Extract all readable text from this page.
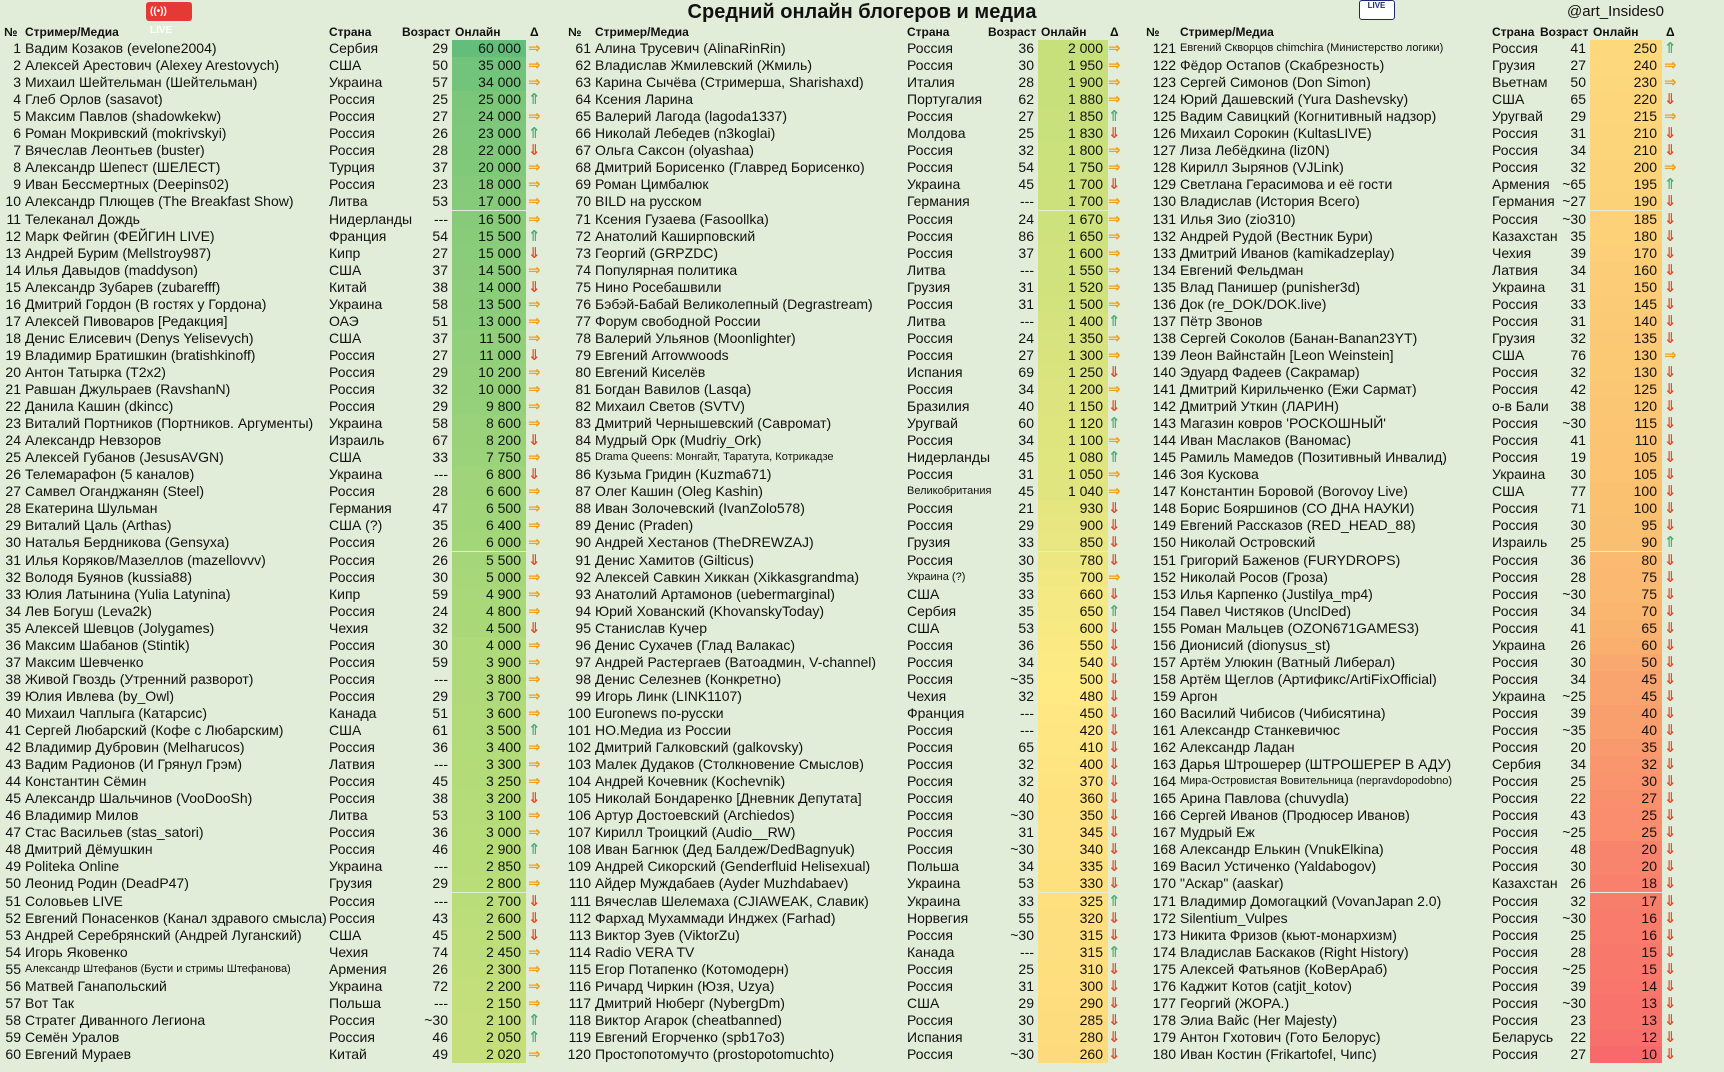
Средний онлайн блогеров и медиа
((•)) LIVE
LIVE	@art_Insides0
№ Стример/Медиа	Страна	Возраст Онлайн Δ № Стример/Медиа	Страна	Возраст Онлайн Δ № Стример/Медиа	Страна Возраст Онлайн Δ
1 Вадим Козаков (evelone2004)	Сербия	29	60 000 ⇒
2 Алексей Арестович (Alexey Arestovych)	США	50	35 000 ⇒
3 Михаил Шейтельман (Шейтельман)	Украина	57	34 000 ⇒
4 Глеб Орлов (sasavot)	Россия	25	25 000 ⇑
5 Максим Павлов (shadowkekw)	Россия	27	24 000 ⇒
6 Роман Мокривский (mokrivskyi)	Россия	26	23 000 ⇑
7 Вячеслав Леонтьев (buster)	Россия	28	22 000 ⇓
8 Александр Шепест (ШЕЛЕСТ)	Турция	37	20 000 ⇒
9 Иван Бессмертных (Deepins02)	Россия	23	18 000 ⇒
10 Александр Плющев (The Breakfast Show)	Литва	53	17 000 ⇒
11 Телеканал Дождь	Нидерланды	---	16 500 ⇒
12 Марк Фейгин (ФЕЙГИН LIVE)	Франция	54	15 500 ⇑
13 Андрей Бурим (Mellstroy987)	Кипр	27	15 000 ⇓
14 Илья Давыдов (maddyson)	США	37	14 500 ⇒
15 Александр Зубарев (zubarefff)	Китай	38	14 000 ⇓
16 Дмитрий Гордон (В гостях у Гордона)	Украина	58	13 500 ⇒
17 Алексей Пивоваров [Редакция]	ОАЭ	51	13 000 ⇒
18 Денис Елисевич (Denys Yelisevych)	США	37	11 500 ⇒
19 Владимир Братишкин (bratishkinoff)	Россия	27	11 000 ⇓
20 Антон Татырка (T2x2)	Россия	29	10 200 ⇒
21 Равшан Джульраев (RavshanN)	Россия	32	10 000 ⇒
22 Данила Кашин (dkincc)	Россия	29	9 800 ⇒
23 Виталий Портников (Портников. Аргументы)	Украина	58	8 600 ⇒
24 Александр Невзоров	Израиль	67	8 200 ⇓
25 Алексей Губанов (JesusAVGN)	США	33	7 750 ⇒
26 Телемарафон (5 каналов)	Украина	---	6 800 ⇓
27 Самвел Оганджанян (Steel)	Россия	28	6 600 ⇒
28 Екатерина Шульман	Германия	47	6 500 ⇒
29 Виталий Цаль (Arthas)	США (?)	35	6 400 ⇒
30 Наталья Бердникова (Gensyxa)	Россия	26	6 000 ⇒
31 Илья Коряков/Мазеллов (mazellovvv)	Россия	26	5 500 ⇓
32 Володя Буянов (kussia88)	Россия	30	5 000 ⇒
33 Юлия Латынина (Yulia Latynina)	Кипр	59	4 900 ⇒
34 Лев Богуш (Leva2k)	Россия	24	4 800 ⇒
35 Алексей Шевцов (Jolygames)	Чехия	32	4 500 ⇓
36 Максим Шабанов (Stintik)	Россия	30	4 000 ⇒
37 Максим Шевченко	Россия	59	3 900 ⇒
38 Живой Гвоздь (Утренний разворот)	Россия	---	3 800 ⇒
39 Юлия Ивлева (by_Owl)	Россия	29	3 700 ⇒
40 Михаил Чаплыга (Катарсис)	Канада	51	3 600 ⇒
41 Сергей Любарский (Кофе с Любарским)	США	61	3 500 ⇑
42 Владимир Дубровин (Melharucos)	Россия	36	3 400 ⇒
43 Вадим Радионов (И Грянул Грэм)	Латвия	---	3 300 ⇒
44 Константин Сёмин	Россия	45	3 250 ⇒
45 Александр Шальчинов (VooDooSh)	Россия	38	3 200 ⇓
46 Владимир Милов	Литва	53	3 100 ⇒
47 Стас Васильев (stas_satori)	Россия	36	3 000 ⇒
48 Дмитрий Дёмушкин	Россия	46	2 900 ⇑
49 Politeka Online	Украина	---	2 850 ⇒
50 Леонид Родин (DeadP47)	Грузия	29	2 800 ⇒
51 Соловьев LIVE	Россия	---	2 700 ⇓
52 Евгений Понасенков (Канал здравого смысла) Россия	43	2 600 ⇓
53 Андрей Серебрянский (Андрей Луганский)	США	45	2 500 ⇓
54 Игорь Яковенко	Чехия	74	2 450 ⇒
55 Александр Штефанов (Бусти и стримы Штефанова)	Армения	26	2 300 ⇒
56 Матвей Ганапольский	Украина	72	2 200 ⇒
57 Вот Так	Польша	---	2 150 ⇒
58 Стратег Диванного Легиона	Россия	~30	2 100 ⇑
59 Семён Уралов	Россия	46	2 050 ⇑
60 Евгений Мураев	Китай	49	2 020 ⇒
61 Алина Трусевич (AlinaRinRin)	Россия	36	2 000 ⇒
62 Владислав Жмилевский (Жмиль)	Россия	30	1 950 ⇒
63 Карина Сычёва (Стримерша, Sharishaxd)	Италия	28	1 900 ⇒
64 Ксения Ларина	Португалия	62	1 880 ⇒
65 Валерий Лагода (lagoda1337)	Россия	27	1 850 ⇑
66 Николай Лебедев (n3koglai)	Молдова	25	1 830 ⇓
67 Ольга Саксон (olyashaa)	Россия	32	1 800 ⇒
68 Дмитрий Борисенко (Главред Борисенко)	Россия	54	1 750 ⇒
69 Роман Цимбалюк	Украина	45	1 700 ⇓
70 BILD на русском	Германия	---	1 700 ⇒
71 Ксения Гузаева (Fasoollka)	Россия	24	1 670 ⇒
72 Анатолий Каширповский	Россия	86	1 650 ⇒
73 Георгий (GRPZDC)	Россия	37	1 600 ⇒
74 Популярная политика	Литва	---	1 550 ⇒
75 Нино Росебашвили	Грузия	31	1 520 ⇒
76 Бэбэй-Бабай Великолепный (Degrastream)	Россия	31	1 500 ⇒
77 Форум свободной России	Литва	---	1 400 ⇑
78 Валерий Ульянов (Moonlighter)	Россия	24	1 350 ⇒
79 Евгений Arrowwoods	Россия	27	1 300 ⇒
80 Евгений Киселёв	Испания	69	1 250 ⇓
81 Богдан Вавилов (Lasqa)	Россия	34	1 200 ⇒
82 Михаил Светов (SVTV)	Бразилия	40	1 150 ⇓
83 Дмитрий Чернышевский (Савромат)	Уругвай	60	1 120 ⇑
84 Мудрый Орк (Mudriy_Ork)	Россия	34	1 100 ⇒
85 Drama Queens: Монгайт, Таратута, Котрикадзе	Нидерланды	45	1 080 ⇑
86 Кузьма Гридин (Kuzma671)	Россия	31	1 050 ⇒
87 Олег Кашин (Oleg Kashin)	Великобритания	45	1 040 ⇒
88 Иван Золочевский (IvanZolo578)	Россия	21	930 ⇓
89 Денис (Praden)	Россия	29	900 ⇓
90 Андрей Хестанов (TheDREWZAJ)	Грузия	33	850 ⇓
91 Денис Хамитов (Gilticus)	Россия	30	780 ⇓
92 Алексей Савкин Хиккан (Xikkasgrandma)	Украина (?)	35	700 ⇒
93 Анатолий Артамонов (uebermarginal)	США	33	660 ⇓
94 Юрий Хованский (KhovanskyToday)	Сербия	35	650 ⇑
95 Станислав Кучер	США	53	600 ⇓
96 Денис Сухачев (Глад Валакас)	Россия	36	550 ⇓
97 Андрей Растергаев (Ватоадмин, V-channel)	Россия	34	540 ⇓
98 Денис Селезнев (Конкретно)	Россия	~35	500 ⇓
99 Игорь Линк (LINK1107)	Чехия	32	480 ⇓
100 Euronews по-русски	Франция	---	450 ⇓
101 НО.Медиа из России	Россия	---	420 ⇓
102 Дмитрий Галковский (galkovsky)	Россия	65	410 ⇓
103 Малек Дудаков (Столкновение Смыслов)	Россия	32	400 ⇓
104 Андрей Кочевник (Kochevnik)	Россия	32	370 ⇓
105 Николай Бондаренко [Дневник Депутата]	Россия	40	360 ⇓
106 Артур Достоевский (Archiedos)	Россия	~30	350 ⇓
107 Кирилл Троицкий (Audio__RW)	Россия	31	345 ⇓
108 Иван Багнюк (Дед Балдеж/DedBagnyuk)	Россия	~30	340 ⇓
109 Андрей Сикорский (Genderfluid Helisexual)	Польша	34	335 ⇓
110 Айдер Муждабаев (Ayder Muzhdabaev)	Украина	53	330 ⇓
111 Вячеслав Шелемаха (CJIAWEAK, Славик)	Украина	33	325 ⇑
112 Фархад Мухаммади Инджех (Farhad)	Норвегия	55	320 ⇓
113 Виктор Зуев (ViktorZu)	Россия	~30	315 ⇓
114 Radio VERA TV	Канада	---	315 ⇑
115 Егор Потапенко (Котомодерн)	Россия	25	310 ⇓
116 Ричард Чиркин (Юзя, Uzya)	Россия	31	300 ⇓
117 Дмитрий Нюберг (NybergDm)	США	29	290 ⇓
118 Виктор Агарок (cheatbanned)	Россия	30	285 ⇓
119 Евгений Егорченко (spb17o3)	Испания	31	280 ⇓
120 Простопотомучто (prostopotomuchto)	Россия	~30	260 ⇓
121 Евгений Скворцов chimchira (Министерство логики)	Россия	41	250 ⇑
122 Фёдор Остапов (Скабрезность)	Грузия	27	240 ⇒
123 Сергей Симонов (Don Simon)	Вьетнам	50	230 ⇒
124 Юрий Дашевский (Yura Dashevsky)	США	65	220 ⇓
125 Вадим Савицкий (Когнитивный надзор)	Уругвай	29	215 ⇒
126 Михаил Сорокин (KultasLIVE)	Россия	31	210 ⇓
127 Лиза Лебёдкина (liz0N)	Россия	34	210 ⇓
128 Кирилл Зырянов (VJLink)	Россия	32	200 ⇒
129 Светлана Герасимова и её гости	Армения ~65	195 ⇑
130 Владислав (История Всего)	Германия ~27	190 ⇓
131 Илья Зио (zio310)	Россия	~30	185 ⇓
132 Андрей Рудой (Вестник Бури)	Казахстан 35	180 ⇓
133 Дмитрий Иванов (kamikadzeplay)	Чехия	39	170 ⇓
134 Евгений Фельдман	Латвия	34	160 ⇓
135 Влад Панишер (punisher3d)	Украина	31	150 ⇓
136 Док (re_DOK/DOK.live)	Россия	33	145 ⇓
137 Пётр Звонов	Россия	31	140 ⇓
138 Сергей Соколов (Банан-Banan23YT)	Грузия	32	135 ⇓
139 Леон Вайнстайн [Leon Weinstein]	США	76	130 ⇒
140 Эдуард Фадеев (Сакрамар)	Россия	32	130 ⇓
141 Дмитрий Кирильченко (Ежи Сармат)	Россия	42	125 ⇓
142 Дмитрий Уткин (ЛАРИН)	о-в Бали	38	120 ⇓
143 Магазин ковров 'РОСКОШНЫЙ'	Россия	~30	115 ⇓
144 Иван Маслаков (Ваномас)	Россия	41	110 ⇓
145 Рамиль Мамедов (Позитивный Инвалид)	Россия	19	105 ⇓
146 Зоя Кускова	Украина	30	105 ⇓
147 Константин Боровой (Borovoy Live)	США	77	100 ⇓
148 Борис Бояршинов (СО ДНА НАУКИ)	Россия	71	100 ⇓
149 Евгений Рассказов (RED_HEAD_88)	Россия	30	95 ⇓
150 Николай Островский	Израиль	25	90 ⇑
151 Григорий Баженов (FURYDROPS)	Россия	36	80 ⇓
152 Николай Росов (Гроза)	Россия	28	75 ⇓
153 Илья Карпенко (Justilya_mp4)	Россия	~30	75 ⇓
154 Павел Чистяков (UnclDed)	Россия	34	70 ⇓
155 Роман Мальцев (OZON671GAMES3)	Россия	41	65 ⇓
156 Дионисий (dionysus_st)	Украина	26	60 ⇓
157 Артём Улюкин (Ватный Либерал)	Россия	30	50 ⇓
158 Артём Щеглов (Артификс/ArtiFixOfficial)	Россия	34	45 ⇓
159 Аргон	Украина	~25	45 ⇓
160 Василий Чибисов (Чибисятина)	Россия	39	40 ⇓
161 Александр Станкевичюс	Россия	~35	40 ⇓
162 Александр Ладан	Россия	20	35 ⇓
163 Дарья Штрошерер (ШТРОШЕРЕР В АДУ)	Сербия	34	32 ⇓
164 Мира-Островистая Вовительница (nepravdopodobno)	Россия	25	30 ⇓
165 Арина Павлова (chuvydla)	Россия	22	27 ⇓
166 Сергей Иванов (Продюсер Иванов)	Россия	43	25 ⇓
167 Мудрый Еж	Россия	~25	25 ⇓
168 Александр Елькин (VnukElkina)	Россия	48	20 ⇓
169 Васил Устиченко (Yaldabogov)	Россия	30	20 ⇓
170 "Аскар" (aaskar)	Казахстан 26	18 ⇓
171 Владимир Домогацкий (VovanJapan 2.0)	Россия	32	17 ⇓
172 Silentium_Vulpes	Россия	~30	16 ⇓
173 Никита Фризов (кьют-монархизм)	Россия	25	16 ⇓
174 Владислав Баскаков (Right History)	Россия	28	15 ⇓
175 Алексей Фатьянов (КоВерАраб)	Россия	~25	15 ⇓
176 Каджит Котов (catjit_kotov)	Россия	39	14 ⇓
177 Георгий (ЖОРА.)	Россия	~30	13 ⇓
178 Элиа Вайс (Her Majesty)	Россия	23	13 ⇓
179 Антон Гхотович (Гото Белорус)	Беларусь	22	12 ⇓
180 Иван Костин (Frikartofel, Чипс)	Россия	27	10 ⇓
